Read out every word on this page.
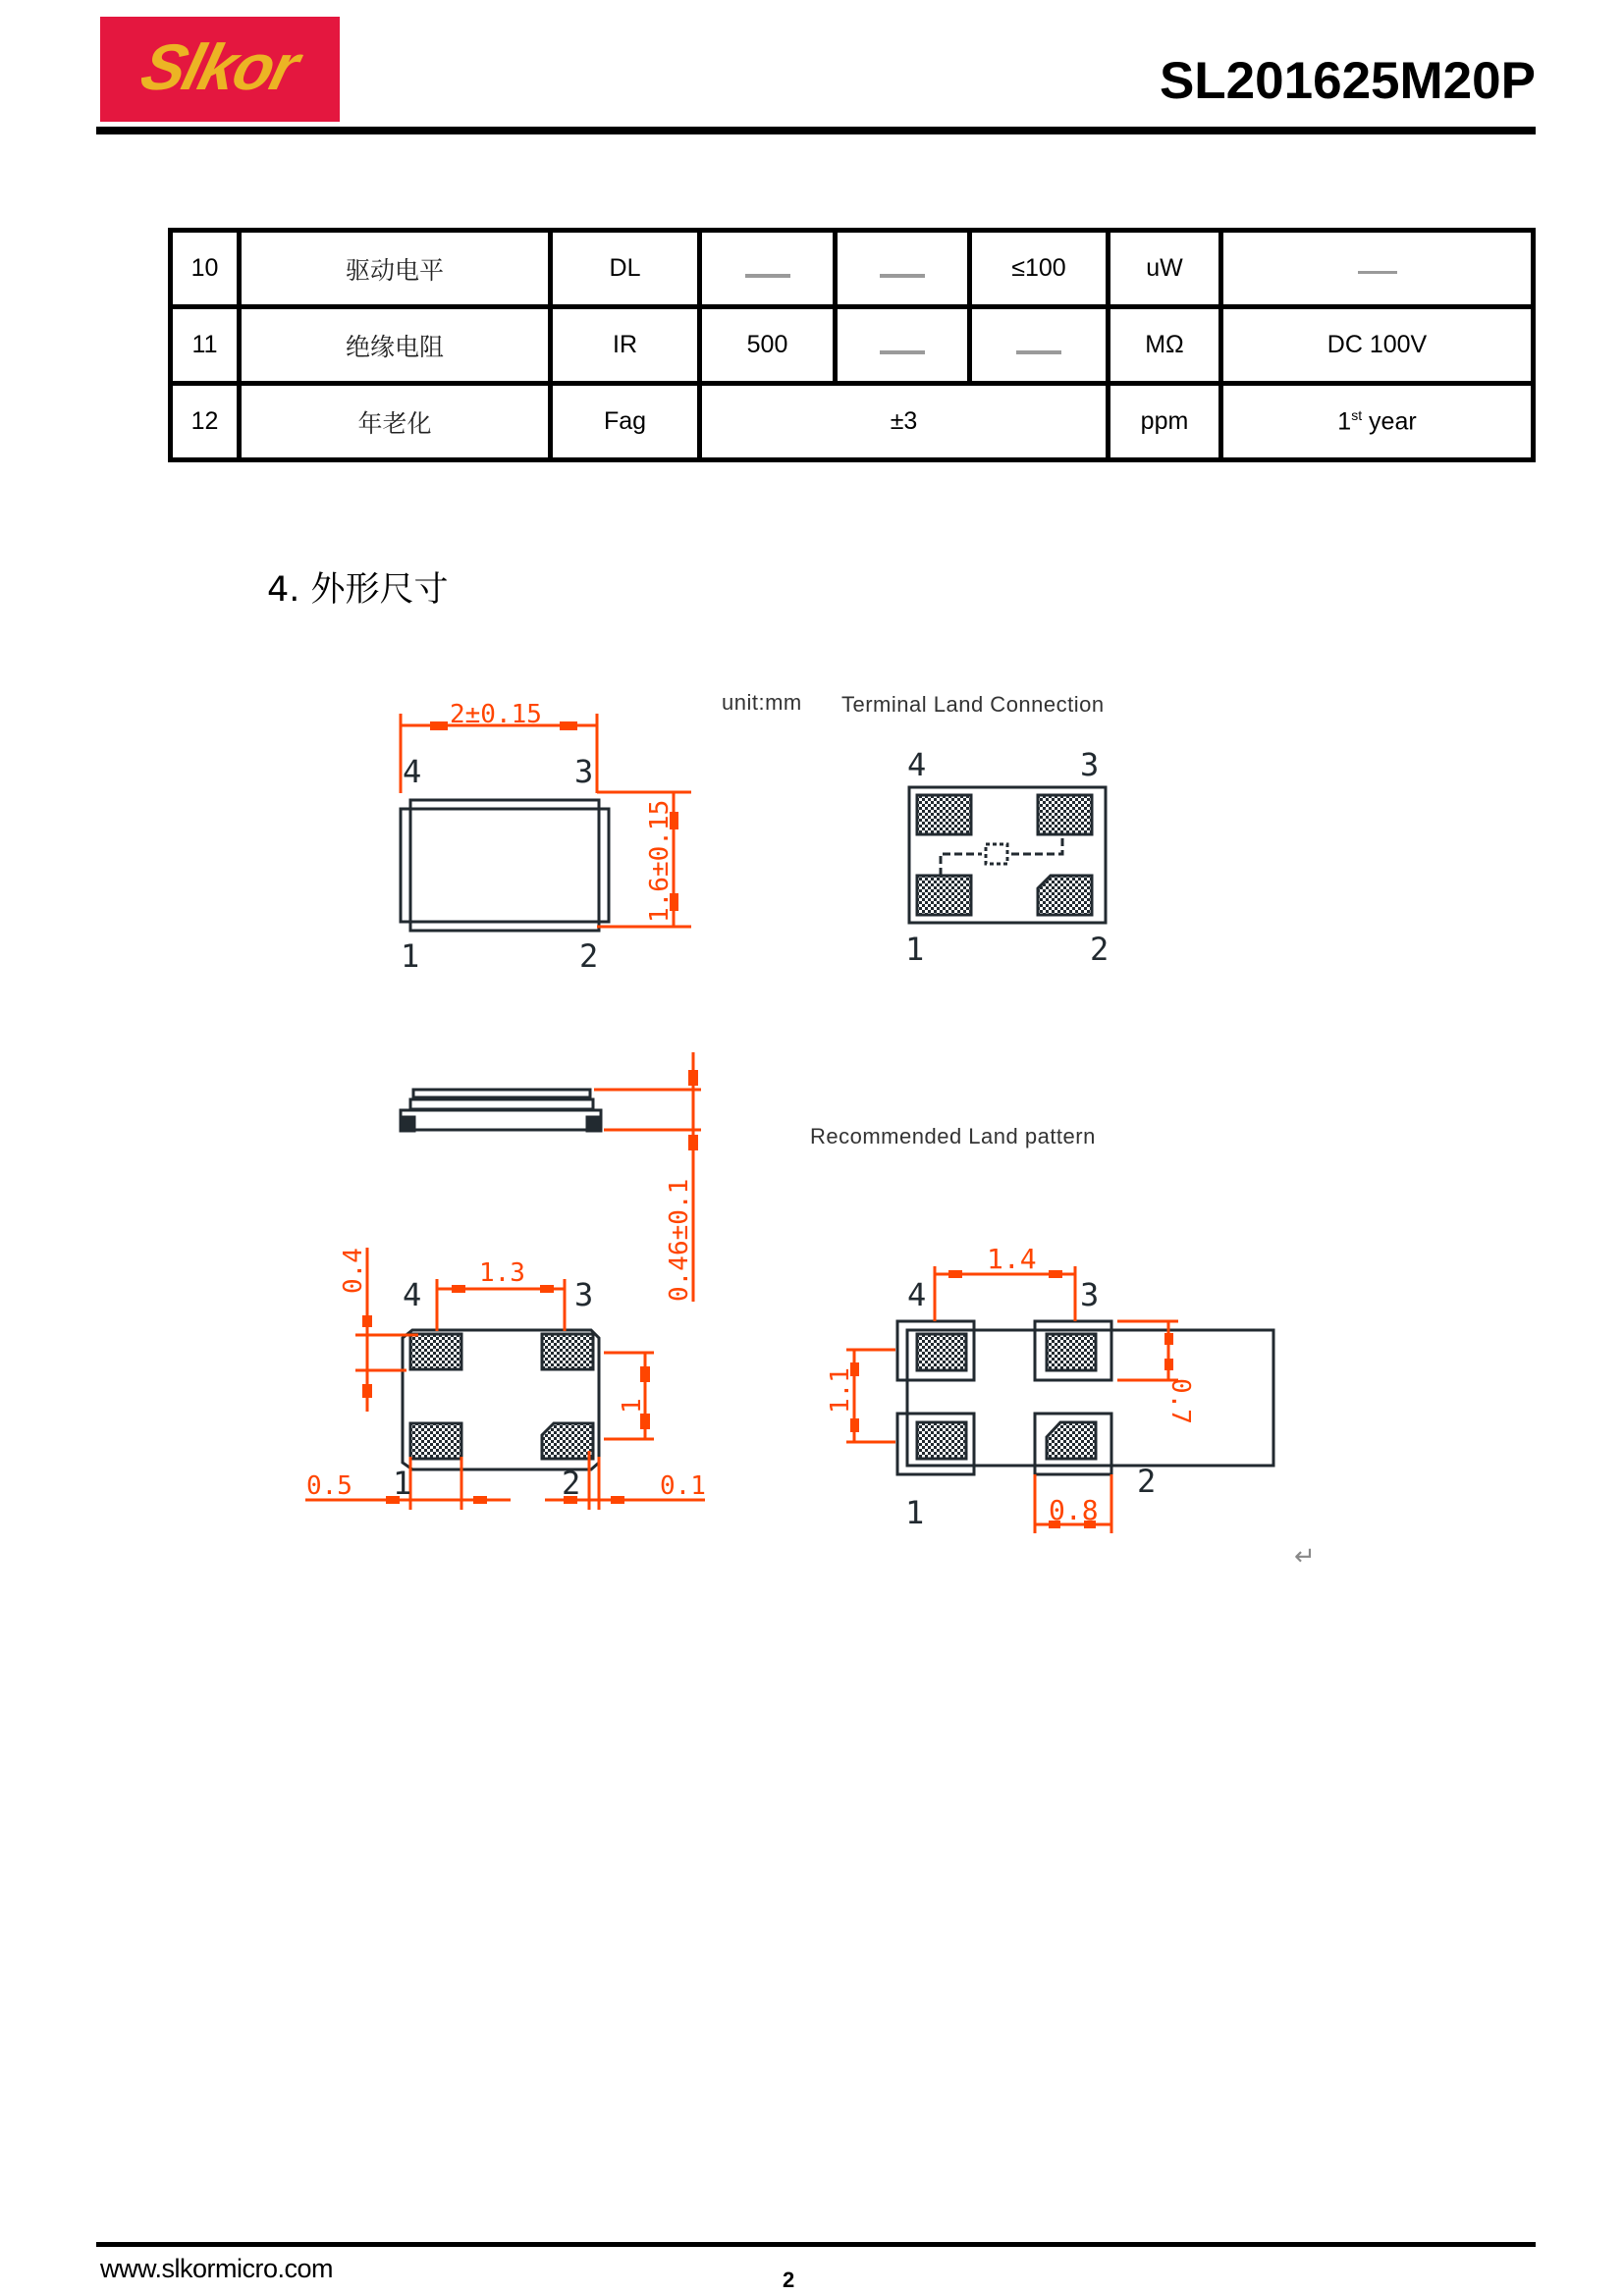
Slkor	SL201625M20P
10	驱动电平	DL			≤100	uW	
11	绝缘电阻	IR	500			MΩ	DC 100V
12	年老化	Fag	±3			ppm	1st year
4. 外形尺寸
unit:mm Terminal Land Connection
Recommended Land pattern
2±0.15
1.6±0.15
4	3
1	2
4	3
1	2
0.46±0.1
1.3
0.4
1
0.5	0.1
4	3
1	2
1.4
1.1	0.7
0.8
4	3
1
2
↵
www.slkormicro.com	2
